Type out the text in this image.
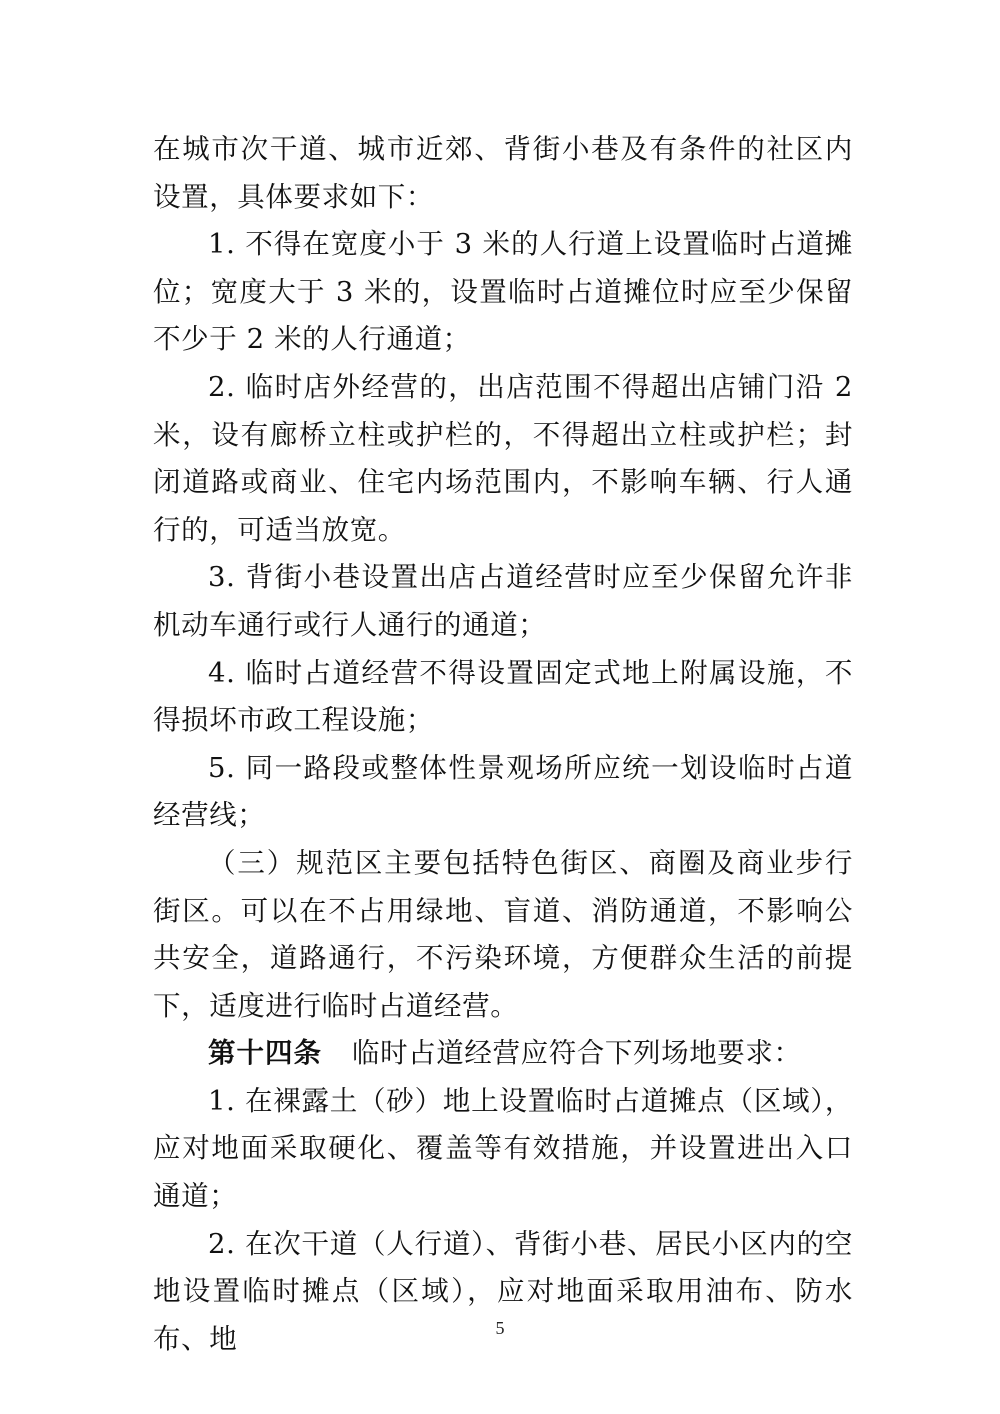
在城市次干道、城市近郊、背街小巷及有条件的社区内设置，具体要求如下：

1. 不得在宽度小于 3 米的人行道上设置临时占道摊位；宽度大于 3 米的，设置临时占道摊位时应至少保留不少于 2 米的人行通道；

2. 临时店外经营的，出店范围不得超出店铺门沿 2 米，设有廊桥立柱或护栏的，不得超出立柱或护栏；封闭道路或商业、住宅内场范围内，不影响车辆、行人通行的，可适当放宽。

3. 背街小巷设置出店占道经营时应至少保留允许非机动车通行或行人通行的通道；

4. 临时占道经营不得设置固定式地上附属设施，不得损坏市政工程设施；

5. 同一路段或整体性景观场所应统一划设临时占道经营线；

（三）规范区主要包括特色街区、商圈及商业步行街区。可以在不占用绿地、盲道、消防通道，不影响公共安全，道路通行，不污染环境，方便群众生活的前提下，适度进行临时占道经营。

第十四条 临时占道经营应符合下列场地要求：

1. 在裸露土（砂）地上设置临时占道摊点（区域），应对地面采取硬化、覆盖等有效措施，并设置进出入口通道；

2. 在次干道（人行道）、背街小巷、居民小区内的空地设置临时摊点（区域），应对地面采取用油布、防水布、地	5
